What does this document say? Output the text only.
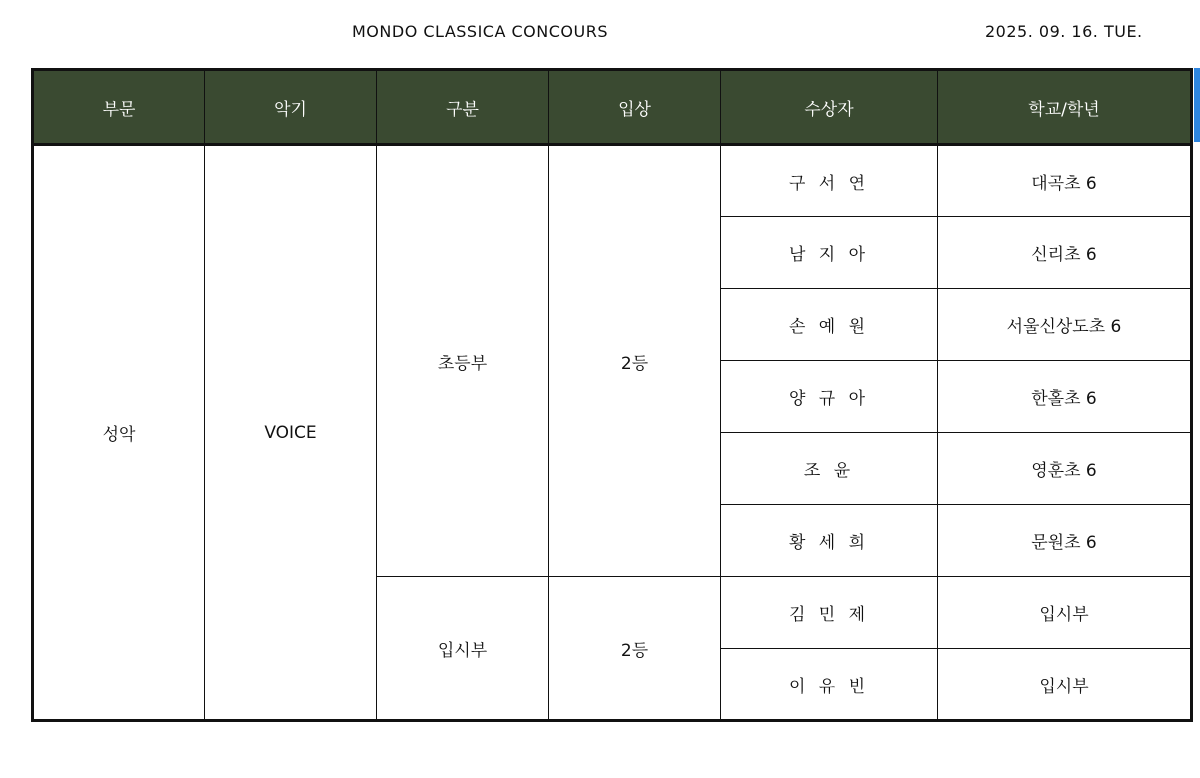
MONDO CLASSICA CONCOURS	2025. 09. 16. TUE.
부문	악기	구분	입상	수상자	학교/학년
성악	VOICE	초등부	2등	구 서 연	대곡초 6
				남 지 아	신리초 6
				손 예 원	서울신상도초 6
				양 규 아	한홀초 6
				조 윤	영훈초 6
				황 세 희	문원초 6
		입시부	2등	김 민 제	입시부
				이 유 빈	입시부
